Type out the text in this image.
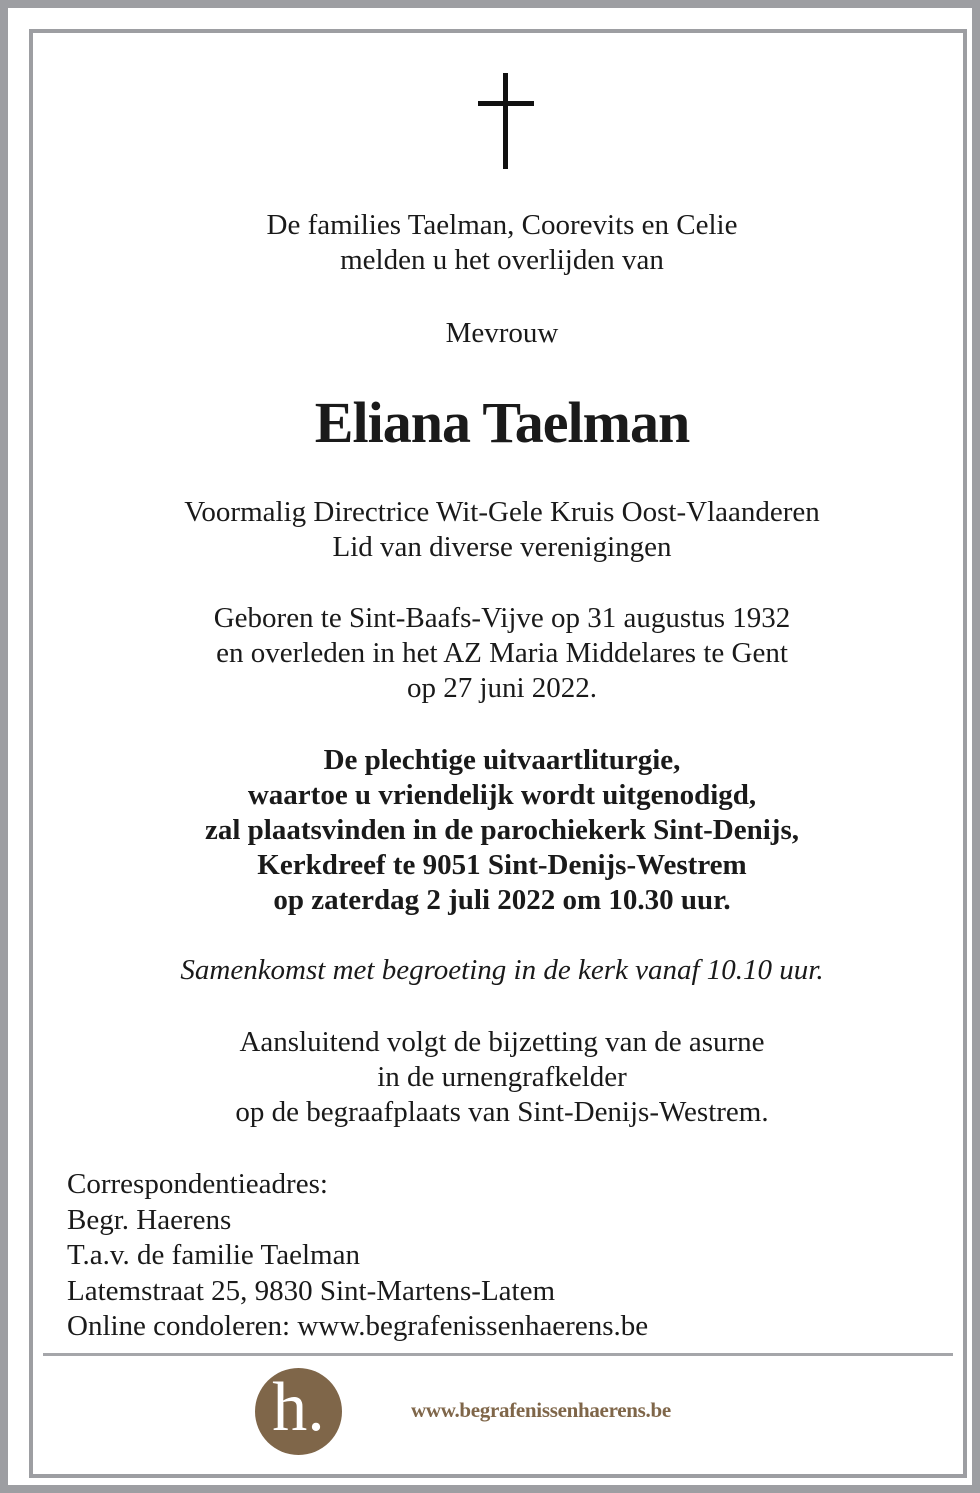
De families Taelman, Coorevits en Celie
melden u het overlijden van
Mevrouw
Eliana Taelman
Voormalig Directrice Wit-Gele Kruis Oost-Vlaanderen
Lid van diverse verenigingen
Geboren te Sint-Baafs-Vijve op 31 augustus 1932
en overleden in het AZ Maria Middelares te Gent
op 27 juni 2022.
De plechtige uitvaartliturgie,
waartoe u vriendelijk wordt uitgenodigd,
zal plaatsvinden in de parochiekerk Sint-Denijs,
Kerkdreef te 9051 Sint-Denijs-Westrem
op zaterdag 2 juli 2022 om 10.30 uur.
Samenkomst met begroeting in de kerk vanaf 10.10 uur.
Aansluitend volgt de bijzetting van de asurne
in de urnengrafkelder
op de begraafplaats van Sint-Denijs-Westrem.
Correspondentieadres:
Begr. Haerens
T.a.v. de familie Taelman
Latemstraat 25, 9830 Sint-Martens-Latem
Online condoleren: www.begrafenissenhaerens.be
h.	www.begrafenissenhaerens.be
